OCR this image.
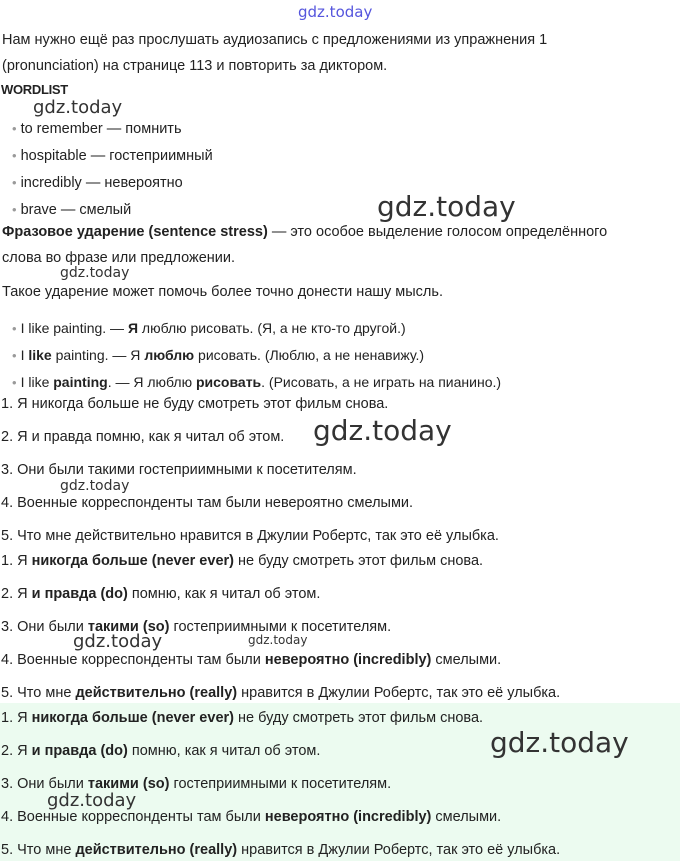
gdz.today
gdz.today
gdz.today
gdz.today
gdz.today
gdz.today
gdz.today	gdz.today
gdz.today
gdz.today
Нам нужно ещё раз прослушать аудиозапись с предложениями из упражнения 1
(pronunciation) на странице 113 и повторить за диктором.
WORDLIST
• to remember — помнить
• hospitable — гостеприимный
• incredibly — невероятно
• brave — смелый
Фразовое ударение (sentence stress) — это особое выделение голосом определённого
слова во фразе или предложении.
Такое ударение может помочь более точно донести нашу мысль.
• I like painting. — Я люблю рисовать. (Я, а не кто-то другой.)
• I like painting. — Я люблю рисовать. (Люблю, а не ненавижу.)
• I like painting. — Я люблю рисовать. (Рисовать, а не играть на пианино.)
1. Я никогда больше не буду смотреть этот фильм снова.
2. Я и правда помню, как я читал об этом.
3. Они были такими гостеприимными к посетителям.
4. Военные корреспонденты там были невероятно смелыми.
5. Что мне действительно нравится в Джулии Робертс, так это её улыбка.
1. Я никогда больше (never ever) не буду смотреть этот фильм снова.
2. Я и правда (do) помню, как я читал об этом.
3. Они были такими (so) гостеприимными к посетителям.
4. Военные корреспонденты там были невероятно (incredibly) смелыми.
5. Что мне действительно (really) нравится в Джулии Робертс, так это её улыбка.
1. Я никогда больше (never ever) не буду смотреть этот фильм снова.
2. Я и правда (do) помню, как я читал об этом.
3. Они были такими (so) гостеприимными к посетителям.
4. Военные корреспонденты там были невероятно (incredibly) смелыми.
5. Что мне действительно (really) нравится в Джулии Робертс, так это её улыбка.
